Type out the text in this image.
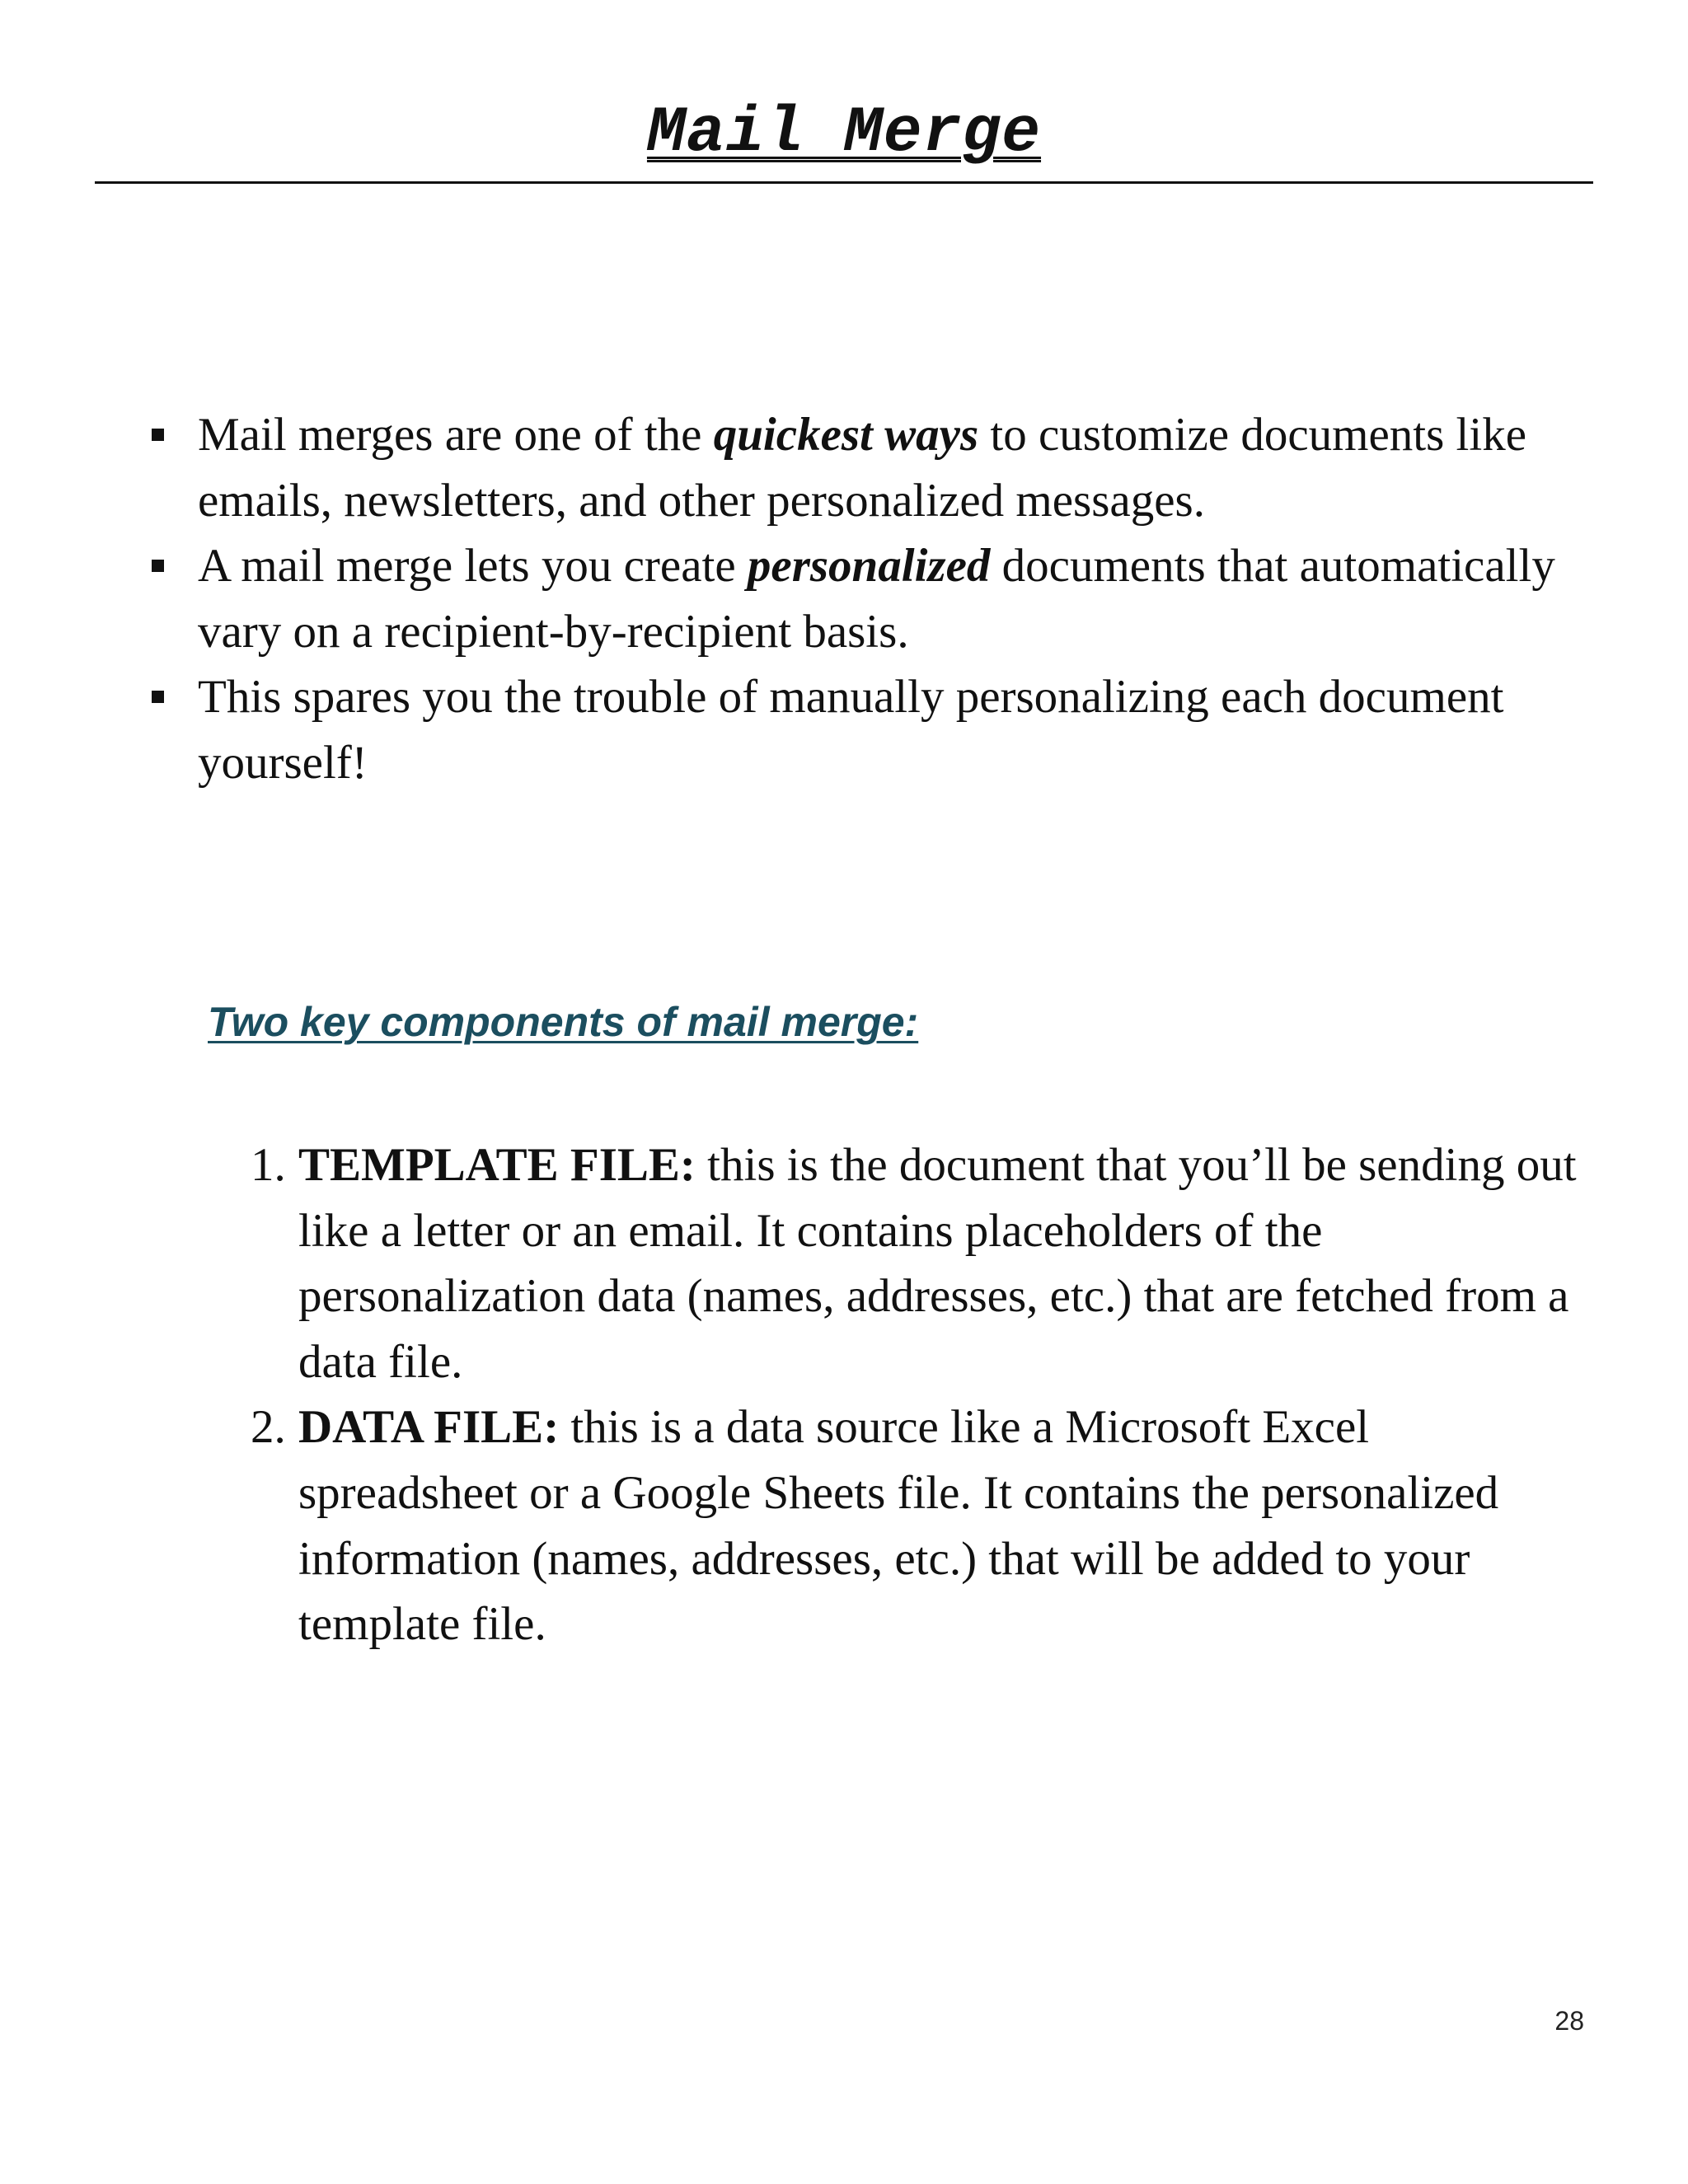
Mail Merge
Mail merges are one of the quickest ways to customize documents like emails, newsletters, and other personalized messages.
A mail merge lets you create personalized documents that automatically vary on a recipient-by-recipient basis.
This spares you the trouble of manually personalizing each document yourself!
Two key components of mail merge:
1. TEMPLATE FILE: this is the document that you’ll be sending out like a letter or an email. It contains placeholders of the personalization data (names, addresses, etc.) that are fetched from a data file.
2. DATA FILE: this is a data source like a Microsoft Excel spreadsheet or a Google Sheets file. It contains the personalized information (names, addresses, etc.) that will be added to your template file.
28
